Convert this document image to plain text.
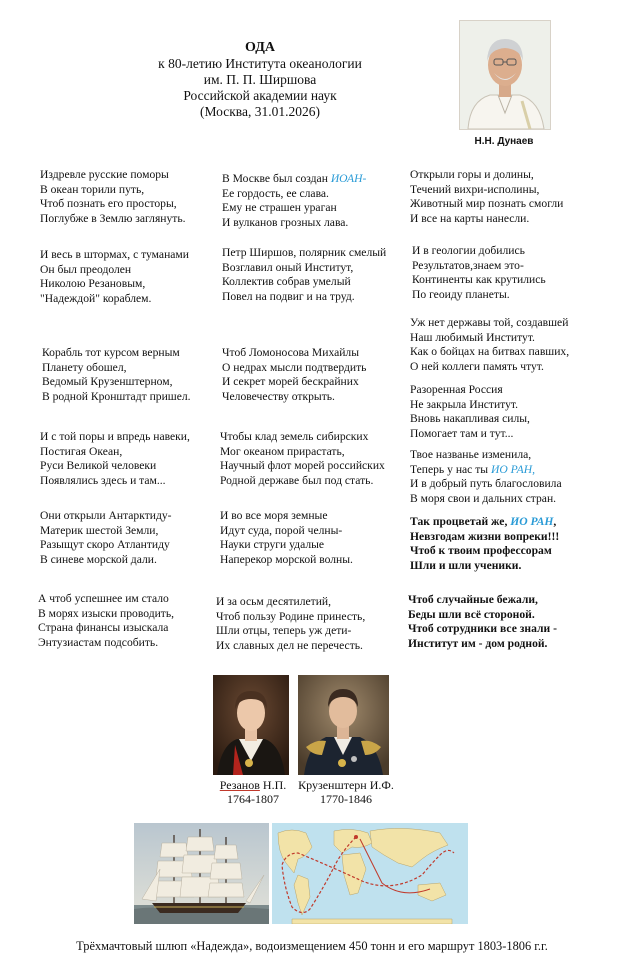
ОДА
к 80-летию Института океанологии
им. П. П. Ширшова
Российской академии наук
(Москва, 31.01.2026)
Н.Н. Дунаев
Издревле русские поморы
В океан торили путь,
Чтоб познать его просторы,
Поглубже в Землю заглянуть.
И весь в штормах, с туманами
Он был преодолен
Николою Резановым,
"Надеждой" кораблем.
Корабль тот курсом верным
Планету обошел,
Ведомый Крузенштерном,
В родной Кронштадт пришел.
И с той поры и впредь навеки,
Постигая Океан,
Руси Великой человеки
Появлялись здесь и там...
Они открыли Антарктиду-
Материк шестой Земли,
Разыщут скоро Атлантиду
В синеве морской дали.
А чтоб успешнее им стало
В морях изыски проводить,
Страна финансы изыскала
Энтузиастам подсобить.
В Москве был создан ИОАН-
Ее гордость, ее слава.
Ему не страшен ураган
И вулканов грозных лава.
Петр Ширшов, полярник смелый
Возглавил оный Институт,
Коллектив собрав умелый
Повел на подвиг и на труд.
Чтоб Ломоносова Михайлы
О недрах мысли подтвердить
И секрет морей бескрайних
Человечеству открыть.
Чтобы клад земель сибирских
Мог океаном прирастать,
Научный флот морей российских
Родной державе был под стать.
И во все моря земные
Идут суда, порой челны-
Науки струги удалые
Наперекор морской волны.
И за осьм десятилетий,
Чтоб пользу Родине принесть,
Шли отцы, теперь уж дети-
Их славных дел не перечесть.
Открыли горы и долины,
Течений вихри-исполины,
Животный мир познать смогли
И все на карты нанесли.
И в геологии добились
Результатов,знаем это-
Континенты как крутились
По геоиду планеты.
Уж нет державы той, создавшей
Наш любимый Институт.
Как о бойцах на битвах павших,
О ней коллеги память чтут.
Разоренная Россия
Не закрыла Институт.
Вновь накапливая силы,
Помогает там и тут...
Твое названье изменила,
Теперь у нас ты ИО РАН,
И в добрый путь благословила
В моря свои и дальних стран.
Так процветай же, ИО РАН,
Невзгодам жизни вопреки!!!
Чтоб к твоим профессорам
Шли и шли ученики.
Чтоб случайные бежали,
Беды шли всё стороной.
Чтоб сотрудники все знали -
Институт им - дом родной.
Резанов Н.П.
1764-1807
Крузенштерн И.Ф.
1770-1846
Трёхмачтовый шлюп «Надежда», водоизмещением 450 тонн и его маршрут 1803-1806 г.г.
